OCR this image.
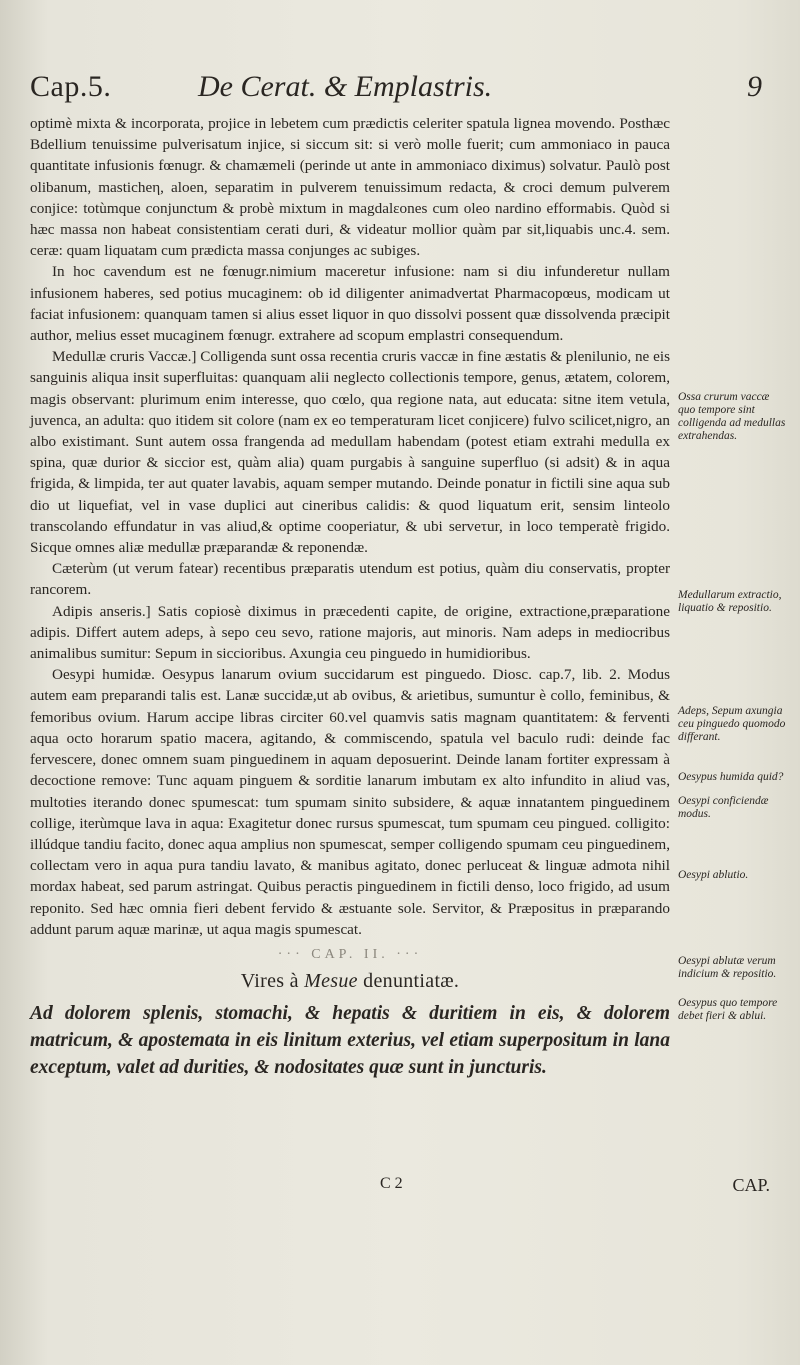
Cap.5.	De Cerat. & Emplastris.	9

optimè mixta & incorporata, projice in lebetem cum prædictis celeriter spatula lignea movendo. Posthæc Bdellium tenuissime pulverisatum injice, si siccum sit: si verò molle fuerit; cum ammoniaco in pauca quantitate infusionis fœnugr. & chamæmeli (perinde ut ante in ammoniaco diximus) solvatur. Paulò post olibanum, masticheη, aloen, separatim in pulverem tenuissimum redacta, & croci demum pulverem conjice: totùmque conjunctum & probè mixtum in magdalεones cum oleo nardino efformabis. Quòd si hæc massa non habeat consistentiam cerati duri, & videatur mollior quàm par sit,liquabis unc.4. sem. ceræ: quam liquatam cum prædicta massa conjunges ac subiges.

In hoc cavendum est ne fœnugr.nimium maceretur infusione: nam si diu infunderetur nullam infusionem haberes, sed potius mucaginem: ob id diligenter animadvertat Pharmacopœus, modicam ut faciat infusionem: quanquam tamen si alius esset liquor in quo dissolvi possent quæ dissolvenda præcipit author, melius esset mucaginem fœnugr. extrahere ad scopum emplastri consequendum.

Medullæ cruris Vaccæ.] Colligenda sunt ossa recentia cruris vaccæ in fine æstatis & plenilunio, ne eis sanguinis aliqua insit superfluitas: quanquam alii neglecto collectionis tempore, genus, ætatem, colorem, magis observant: plurimum enim interesse, quo cœlo, qua regione nata, aut educata: sitne item vetula, juvenca, an adulta: quo itidem sit colore (nam ex eo temperaturam licet conjicere) fulvo scilicet,nigro, an albo existimant. Sunt autem ossa frangenda ad medullam habendam (potest etiam extrahi medulla ex spina, quæ durior & siccior est, quàm alia) quam purgabis à sanguine superfluo (si adsit) & in aqua frigida, & limpida, ter aut quater lavabis, aquam semper mutando. Deinde ponatur in fictili sine aqua sub dio ut liquefiat, vel in vase duplici aut cineribus calidis: & quod liquatum erit, sensim linteolo transcolando effundatur in vas aliud,& optime cooperiatur, & ubi serveτur, in loco temperatè frigido. Sicque omnes aliæ medullæ præparandæ & reponendæ.

Cæterùm (ut verum fatear) recentibus præparatis utendum est potius, quàm diu conservatis, propter rancorem.

Adipis anseris.] Satis copiosè diximus in præcedenti capite, de origine, extractione,præparatione adipis. Differt autem adeps, à sepo ceu sevo, ratione majoris, aut minoris. Nam adeps in mediocribus animalibus sumitur: Sepum in siccioribus. Axungia ceu pinguedo in humidioribus.

Oesypi humidæ. Oesypus lanarum ovium succidarum est pinguedo. Diosc. cap.7, lib. 2. Modus autem eam preparandi talis est. Lanæ succidæ,ut ab ovibus, & arietibus, sumuntur è collo, feminibus, & femoribus ovium. Harum accipe libras circiter 60.vel quamvis satis magnam quantitatem: & ferventi aqua octo horarum spatio macera, agitando, & commiscendo, spatula vel baculo rudi: deinde fac fervescere, donec omnem suam pinguedinem in aquam deposuerint. Deinde lanam fortiter expressam à decoctione remove: Tunc aquam pinguem & sorditie lanarum imbutam ex alto infundito in aliud vas, multoties iterando donec spumescat: tum spumam sinito subsidere, & aquæ innatantem pinguedinem collige, iterùmque lava in aqua: Exagitetur donec rursus spumescat, tum spumam ceu pingued. colligito: illúdque tandiu facito, donec aqua amplius non spumescat, semper colligendo spumam ceu pinguedinem, collectam vero in aqua pura tandiu lavato, & manibus agitato, donec perluceat & linguæ admota nihil mordax habeat, sed parum astringat. Quibus peractis pinguedinem in fictili denso, loco frigido, ad usum reponito. Sed hæc omnia fieri debent fervido & æstuante sole. Servitor, & Præpositus in præparando addunt parum aquæ marinæ, ut aqua magis spumescat.

··· CAP. II. ···
Vires à Mesue denuntiatæ.
Ad dolorem splenis, stomachi, & hepatis & duritiem in eis, & dolorem matricum, & apostemata in eis linitum exterius, vel etiam superpositum in lana exceptum, valet ad durities, & nodositates quæ sunt in juncturis.
Ossa crurum vaccæ quo tempore sint colligenda ad medullas extrahendas.
Medullarum extractio, liquatio & repositio.
Adeps, Sepum axungia ceu pinguedo quomodo differant.
Oesypus humida quid?
Oesypi conficiendæ modus.
Oesypi ablutio.
Oesypi ablutæ verum indicium & repositio.
Oesypus quo tempore debet fieri & ablui.
C 2	CAP.
